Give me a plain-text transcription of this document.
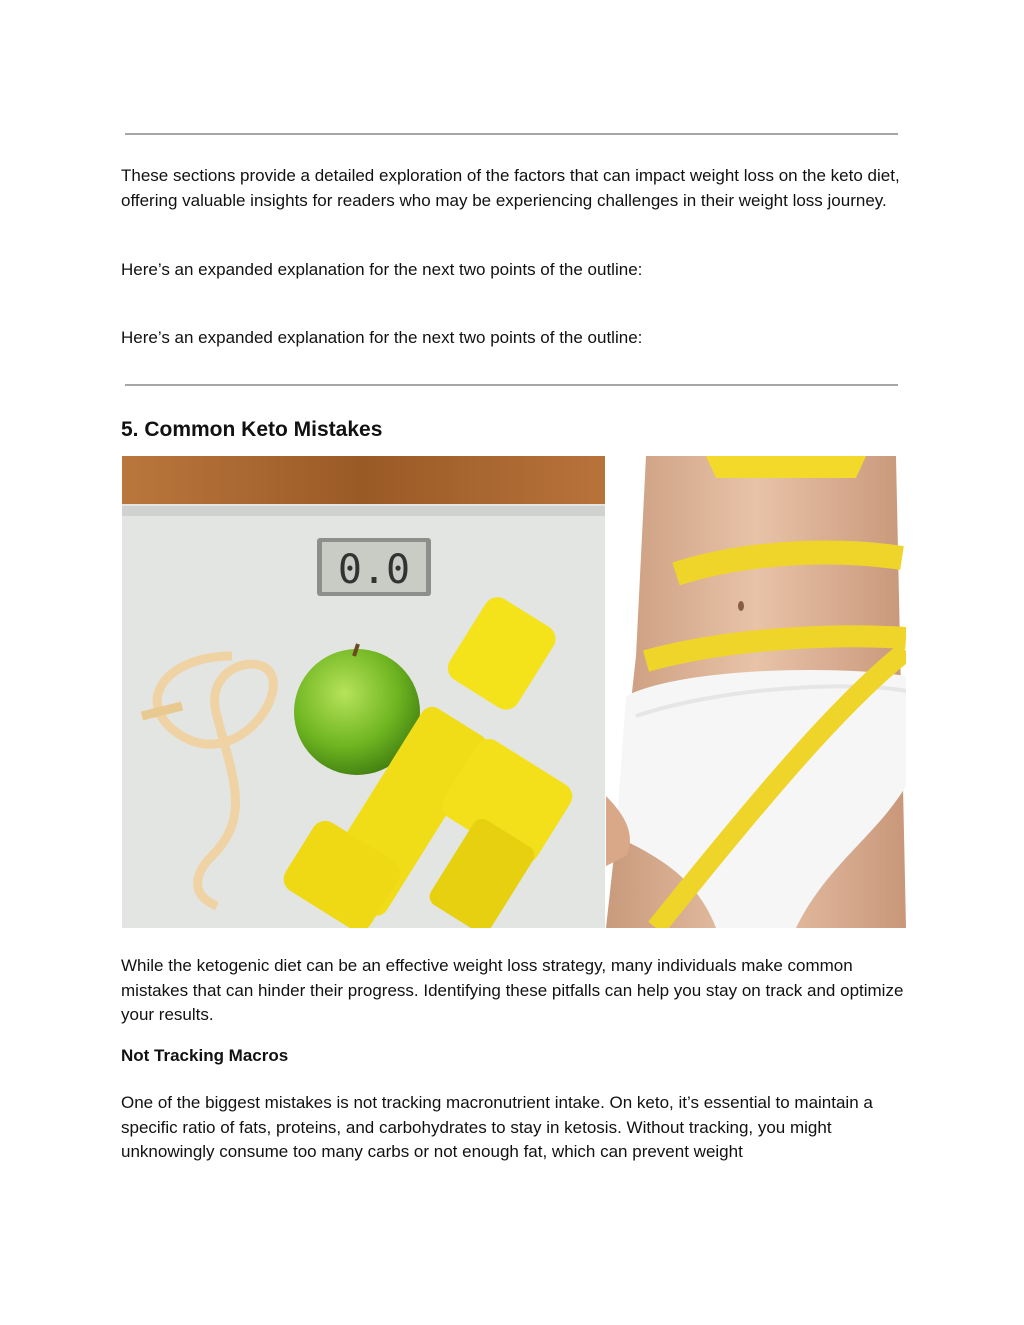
These sections provide a detailed exploration of the factors that can impact weight loss on the keto diet, offering valuable insights for readers who may be experiencing challenges in their weight loss journey.

Here’s an expanded explanation for the next two points of the outline:

Here’s an expanded explanation for the next two points of the outline:

5. Common Keto Mistakes
0.0

While the ketogenic diet can be an effective weight loss strategy, many individuals make common mistakes that can hinder their progress. Identifying these pitfalls can help you stay on track and optimize your results.

Not Tracking Macros

One of the biggest mistakes is not tracking macronutrient intake. On keto, it’s essential to maintain a specific ratio of fats, proteins, and carbohydrates to stay in ketosis. Without tracking, you might unknowingly consume too many carbs or not enough fat, which can prevent weight
